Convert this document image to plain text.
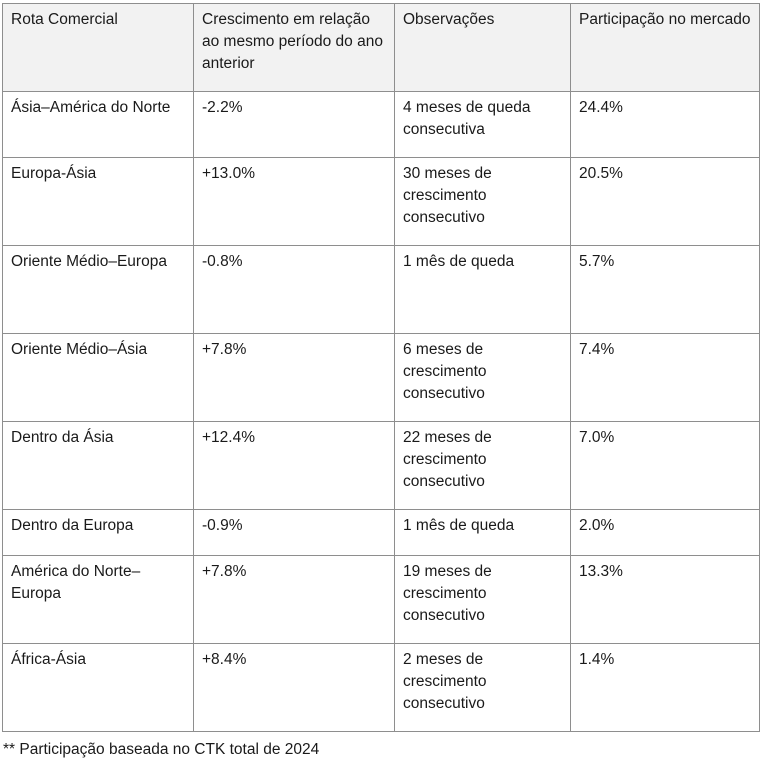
Rota Comercial	Crescimento em relação ao mesmo período do ano anterior	Observações	Participação no mercado
Ásia–América do Norte	-2.2%	4 meses de queda consecutiva	24.4%
Europa-Ásia	+13.0%	30 meses de crescimento consecutivo	20.5%
Oriente Médio–Europa	-0.8%	1 mês de queda	5.7%
Oriente Médio–Ásia	+7.8%	6 meses de crescimento consecutivo	7.4%
Dentro da Ásia	+12.4%	22 meses de crescimento consecutivo	7.0%
Dentro da Europa	-0.9%	1 mês de queda	2.0%
América do Norte–Europa	+7.8%	19 meses de crescimento consecutivo	13.3%
África-Ásia	+8.4%	2 meses de crescimento consecutivo	1.4%
** Participação baseada no CTK total de 2024
